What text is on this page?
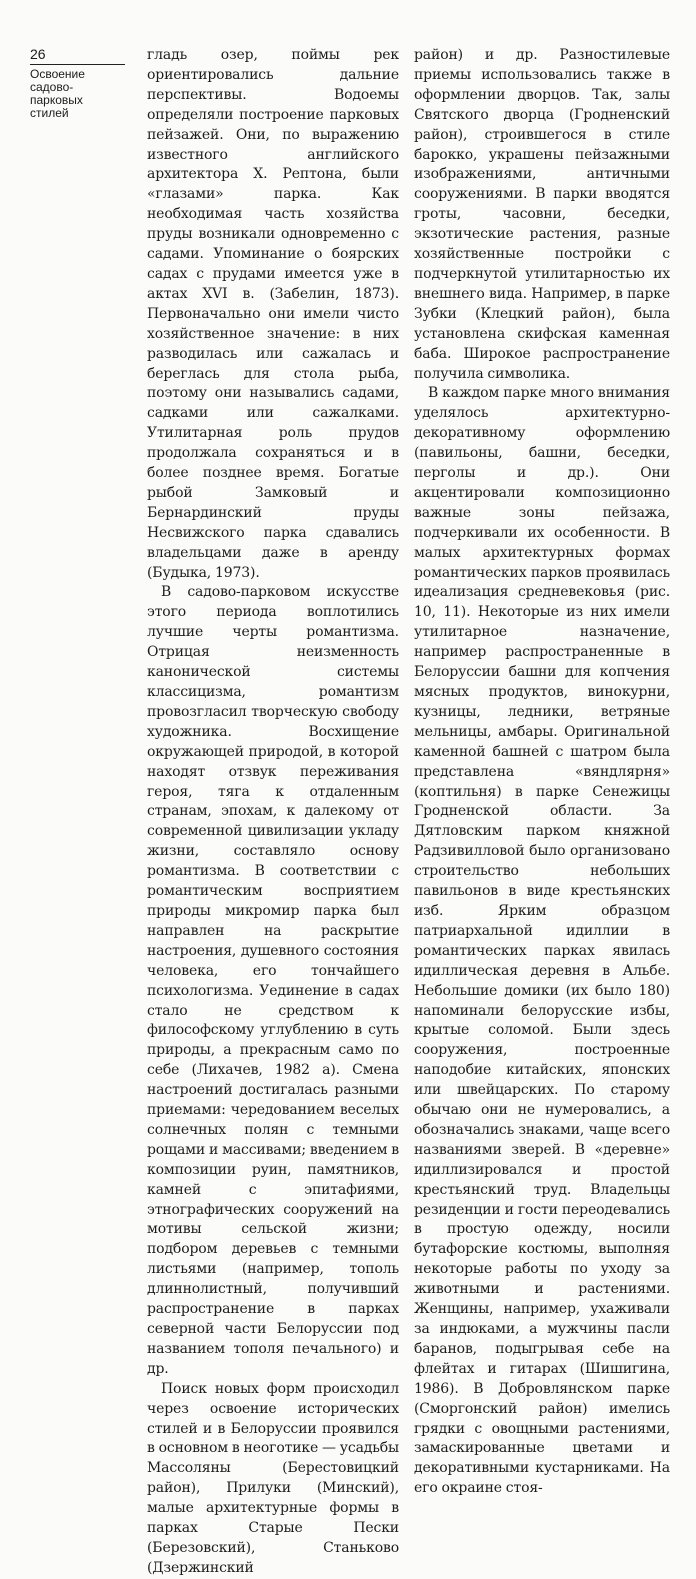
26
Освоение
садово-
парковых
стилей

гладь озер, поймы рек ориентировались дальние перспективы. Водоемы определяли построение парковых пейзажей. Они, по выражению известного английского архитектора Х. Рептона, были «глазами» парка. Как необходимая часть хозяйства пруды возникали одновременно с садами. Упоминание о боярских садах с прудами имеется уже в актах XVI в. (Забелин, 1873). Первоначально они имели чисто хозяйственное значение: в них разводилась или сажалась и береглась для стола рыба, поэтому они назывались садами, садками или сажалками. Утилитарная роль прудов продолжала сохраняться и в более позднее время. Богатые рыбой Замковый и Бернардинский пруды Несвижского парка сдавались владельцами даже в аренду (Будыка, 1973).

В садово-парковом искусстве этого периода воплотились лучшие черты романтизма. Отрицая неизменность канонической системы классицизма, романтизм провозгласил творческую свободу художника. Восхищение окружающей природой, в которой находят отзвук переживания героя, тяга к отдаленным странам, эпохам, к далекому от современной цивилизации укладу жизни, составляло основу романтизма. В соответствии с романтическим восприятием природы микромир парка был направлен на раскрытие настроения, душевного состояния человека, его тончайшего психологизма. Уединение в садах стало не средством к философскому углублению в суть природы, а прекрасным само по себе (Лихачев, 1982 а). Смена настроений достигалась разными приемами: чередованием веселых солнечных полян с темными рощами и массивами; введением в композиции руин, памятников, камней с эпитафиями, этнографических сооружений на мотивы сельской жизни; подбором деревьев с темными листьями (например, тополь длиннолистный, получивший распространение в парках северной части Белоруссии под названием тополя печального) и др.

Поиск новых форм происходил через освоение исторических стилей и в Белоруссии проявился в основном в неоготике — усадьбы Массоляны (Берестовицкий район), Прилуки (Минский), малые архитектурные формы в парках Старые Пески (Березовский), Станьково (Дзержинский

район) и др. Разностилевые приемы использовались также в оформлении дворцов. Так, залы Святского дворца (Гродненский район), строившегося в стиле барокко, украшены пейзажными изображениями, античными сооружениями. В парки вводятся гроты, часовни, беседки, экзотические растения, разные хозяйственные постройки с подчеркнутой утилитарностью их внешнего вида. Например, в парке Зубки (Клецкий район), была установлена скифская каменная баба. Широкое распространение получила символика.

В каждом парке много внимания уделялось архитектурно-декоративному оформлению (павильоны, башни, беседки, перголы и др.). Они акцентировали композиционно важные зоны пейзажа, подчеркивали их особенности. В малых архитектурных формах романтических парков проявилась идеализация средневековья (рис. 10, 11). Некоторые из них имели утилитарное назначение, например распространенные в Белоруссии башни для копчения мясных продуктов, винокурни, кузницы, ледники, ветряные мельницы, амбары. Оригинальной каменной башней с шатром была представлена «вяндлярня» (коптильня) в парке Сенежицы Гродненской области. За Дятловским парком княжной Радзивилловой было организовано строительство небольших павильонов в виде крестьянских изб. Ярким образцом патриархальной идиллии в романтических парках явилась идиллическая деревня в Альбе. Небольшие домики (их было 180) напоминали белорусские избы, крытые соломой. Были здесь сооружения, построенные наподобие китайских, японских или швейцарских. По старому обычаю они не нумеровались, а обозначались знаками, чаще всего названиями зверей. В «деревне» идиллизировался и простой крестьянский труд. Владельцы резиденции и гости переодевались в простую одежду, носили бутафорские костюмы, выполняя некоторые работы по уходу за животными и растениями. Женщины, например, ухаживали за индюками, а мужчины пасли баранов, подыгрывая себе на флейтах и гитарах (Шишигина, 1986). В Добровлянском парке (Сморгонский район) имелись грядки с овощными растениями, замаскированные цветами и декоративными кустарниками. На его окраине стоя-
